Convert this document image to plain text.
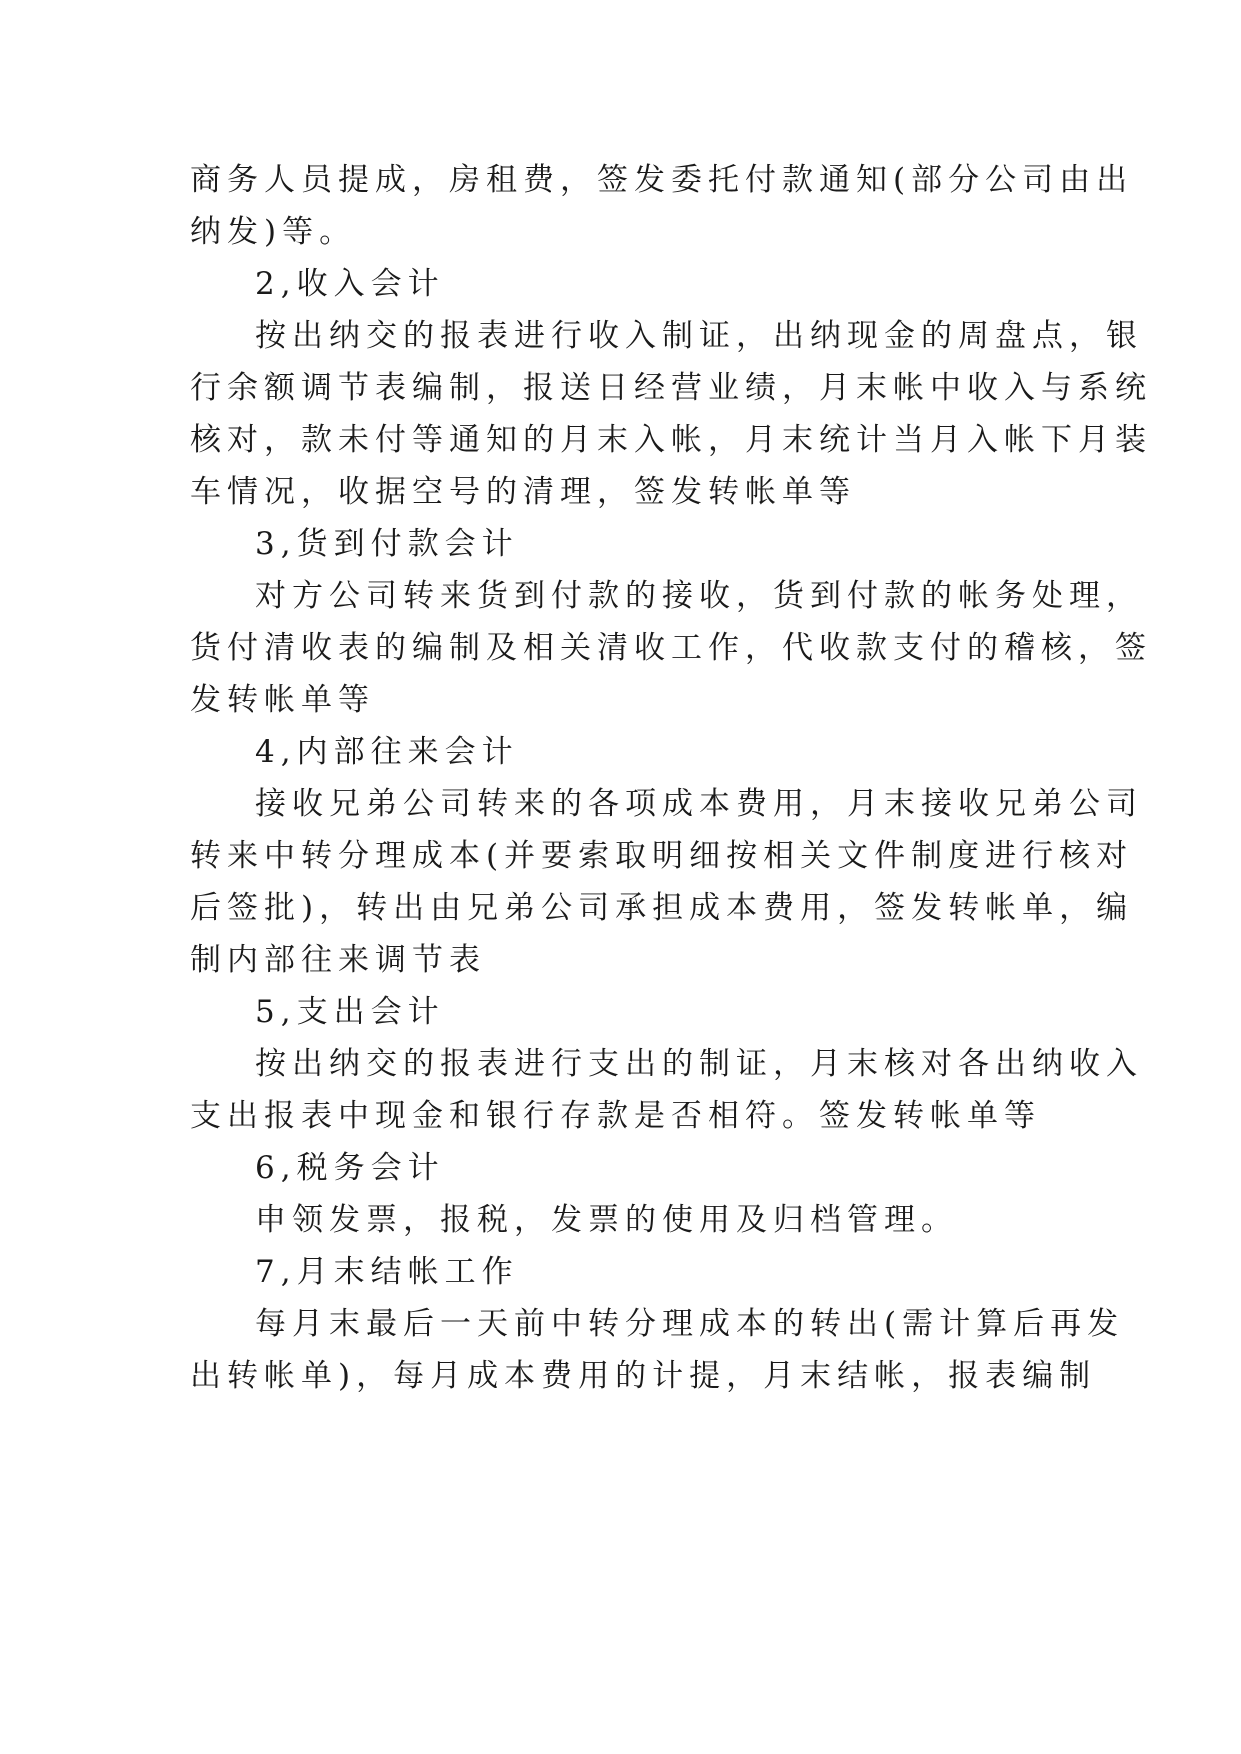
商务人员提成，房租费，签发委托付款通知(部分公司由出
纳发)等。
2,收入会计
按出纳交的报表进行收入制证，出纳现金的周盘点，银
行余额调节表编制，报送日经营业绩，月末帐中收入与系统
核对，款未付等通知的月末入帐，月末统计当月入帐下月装
车情况，收据空号的清理，签发转帐单等
3,货到付款会计
对方公司转来货到付款的接收，货到付款的帐务处理，
货付清收表的编制及相关清收工作，代收款支付的稽核，签
发转帐单等
4,内部往来会计
接收兄弟公司转来的各项成本费用，月末接收兄弟公司
转来中转分理成本(并要索取明细按相关文件制度进行核对
后签批)，转出由兄弟公司承担成本费用，签发转帐单，编
制内部往来调节表
5,支出会计
按出纳交的报表进行支出的制证，月末核对各出纳收入
支出报表中现金和银行存款是否相符。签发转帐单等
6,税务会计
申领发票，报税，发票的使用及归档管理。
7,月末结帐工作
每月末最后一天前中转分理成本的转出(需计算后再发
出转帐单)，每月成本费用的计提，月末结帐，报表编制
